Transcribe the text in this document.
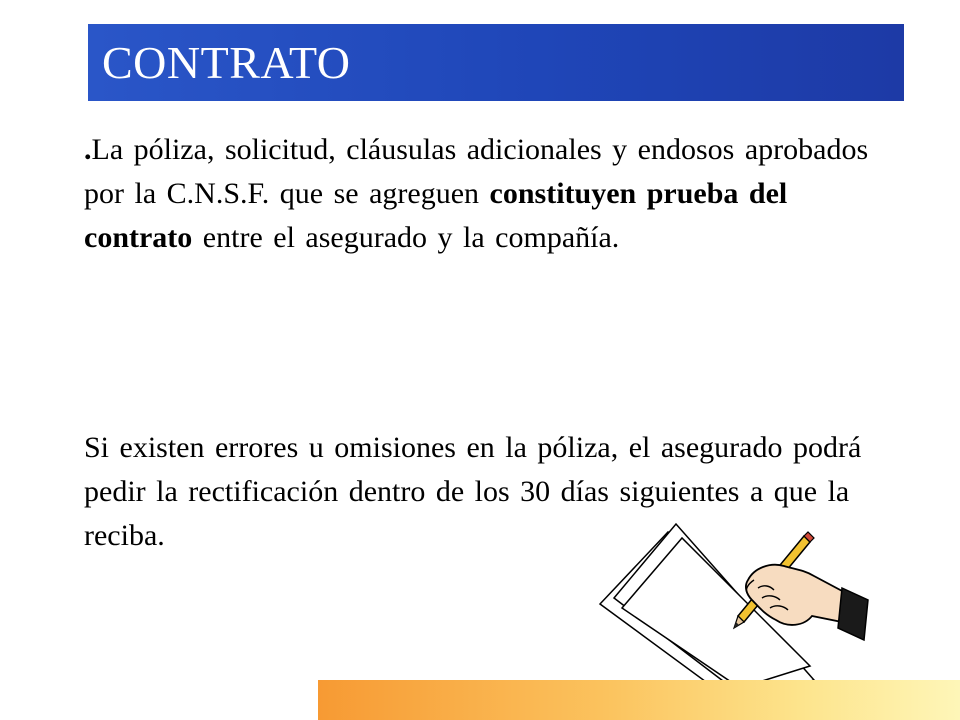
CONTRATO
.La póliza, solicitud, cláusulas adicionales y endosos aprobados por la C.N.S.F. que se agreguen constituyen prueba del contrato entre el asegurado y la compañía.
Si existen errores u omisiones en la póliza, el asegurado podrá pedir la rectificación dentro de los 30 días siguientes a que la reciba.
